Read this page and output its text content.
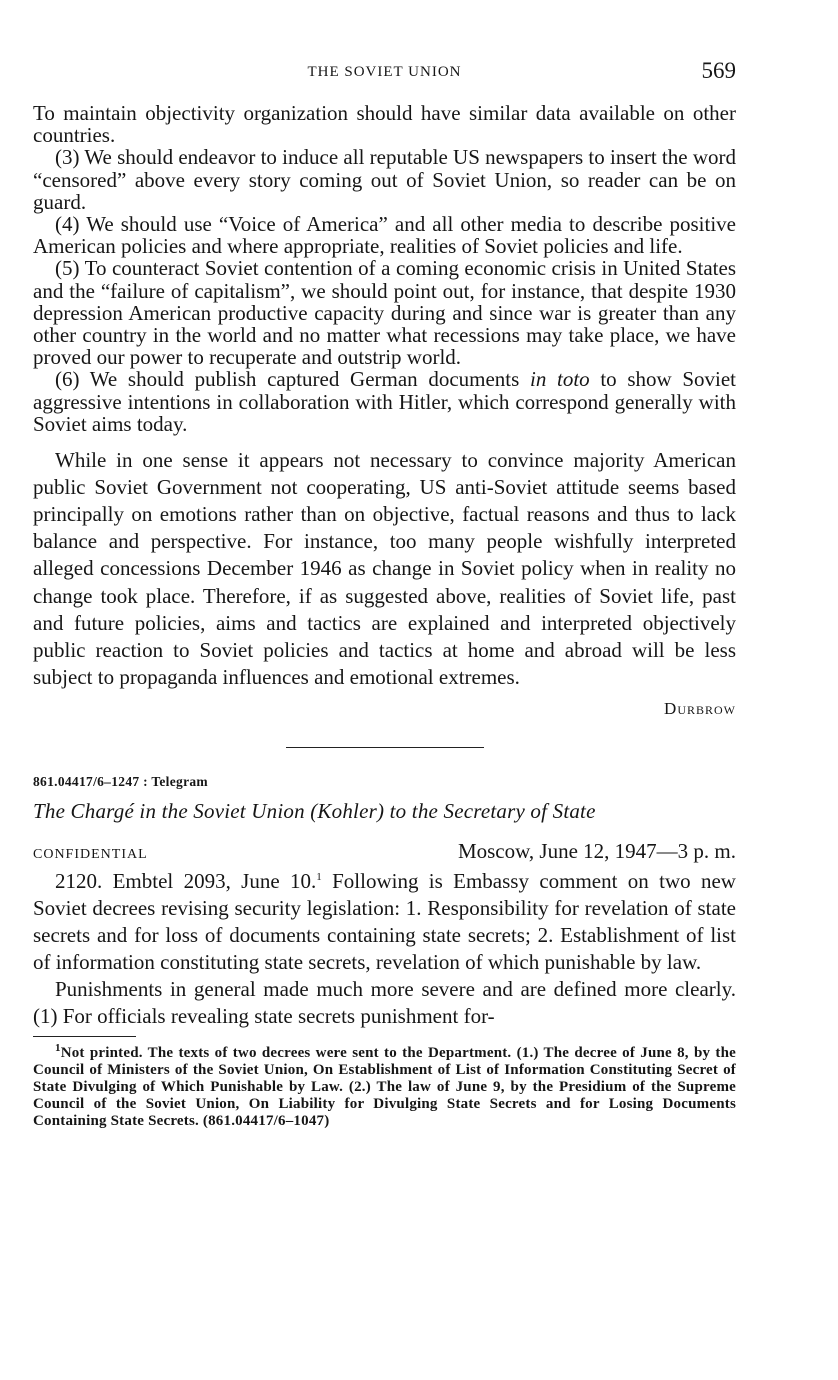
THE SOVIET UNION	569

To maintain objectivity organization should have similar data available on other countries.

(3) We should endeavor to induce all reputable US newspapers to insert the word “censored” above every story coming out of Soviet Union, so reader can be on guard.

(4) We should use “Voice of America” and all other media to describe positive American policies and where appropriate, realities of Soviet policies and life.

(5) To counteract Soviet contention of a coming economic crisis in United States and the “failure of capitalism”, we should point out, for instance, that despite 1930 depression American productive capacity during and since war is greater than any other country in the world and no matter what recessions may take place, we have proved our power to recuperate and outstrip world.

(6) We should publish captured German documents in toto to show Soviet aggressive intentions in collaboration with Hitler, which correspond generally with Soviet aims today.

While in one sense it appears not necessary to convince majority American public Soviet Government not cooperating, US anti-Soviet attitude seems based principally on emotions rather than on objective, factual reasons and thus to lack balance and perspective. For instance, too many people wishfully interpreted alleged concessions December 1946 as change in Soviet policy when in reality no change took place. Therefore, if as suggested above, realities of Soviet life, past and future policies, aims and tactics are explained and interpreted objectively public reaction to Soviet policies and tactics at home and abroad will be less subject to propaganda influences and emotional extremes.

Durbrow
861.04417/6–1247 : Telegram
The Chargé in the Soviet Union (Kohler) to the Secretary of State
CONFIDENTIAL	Moscow, June 12, 1947—3 p. m.

2120. Embtel 2093, June 10.$^1$ Following is Embassy comment on two new Soviet decrees revising security legislation: 1. Responsibility for revelation of state secrets and for loss of documents containing state secrets; 2. Establishment of list of information constituting state secrets, revelation of which punishable by law.

Punishments in general made much more severe and are defined more clearly. (1) For officials revealing state secrets punishment for-

$^1$Not printed. The texts of two decrees were sent to the Department. (1.) The decree of June 8, by the Council of Ministers of the Soviet Union, On Establishment of List of Information Constituting Secret of State Divulging of Which Punishable by Law. (2.) The law of June 9, by the Presidium of the Supreme Council of the Soviet Union, On Liability for Divulging State Secrets and for Losing Documents Containing State Secrets. (861.04417/6–1047)
